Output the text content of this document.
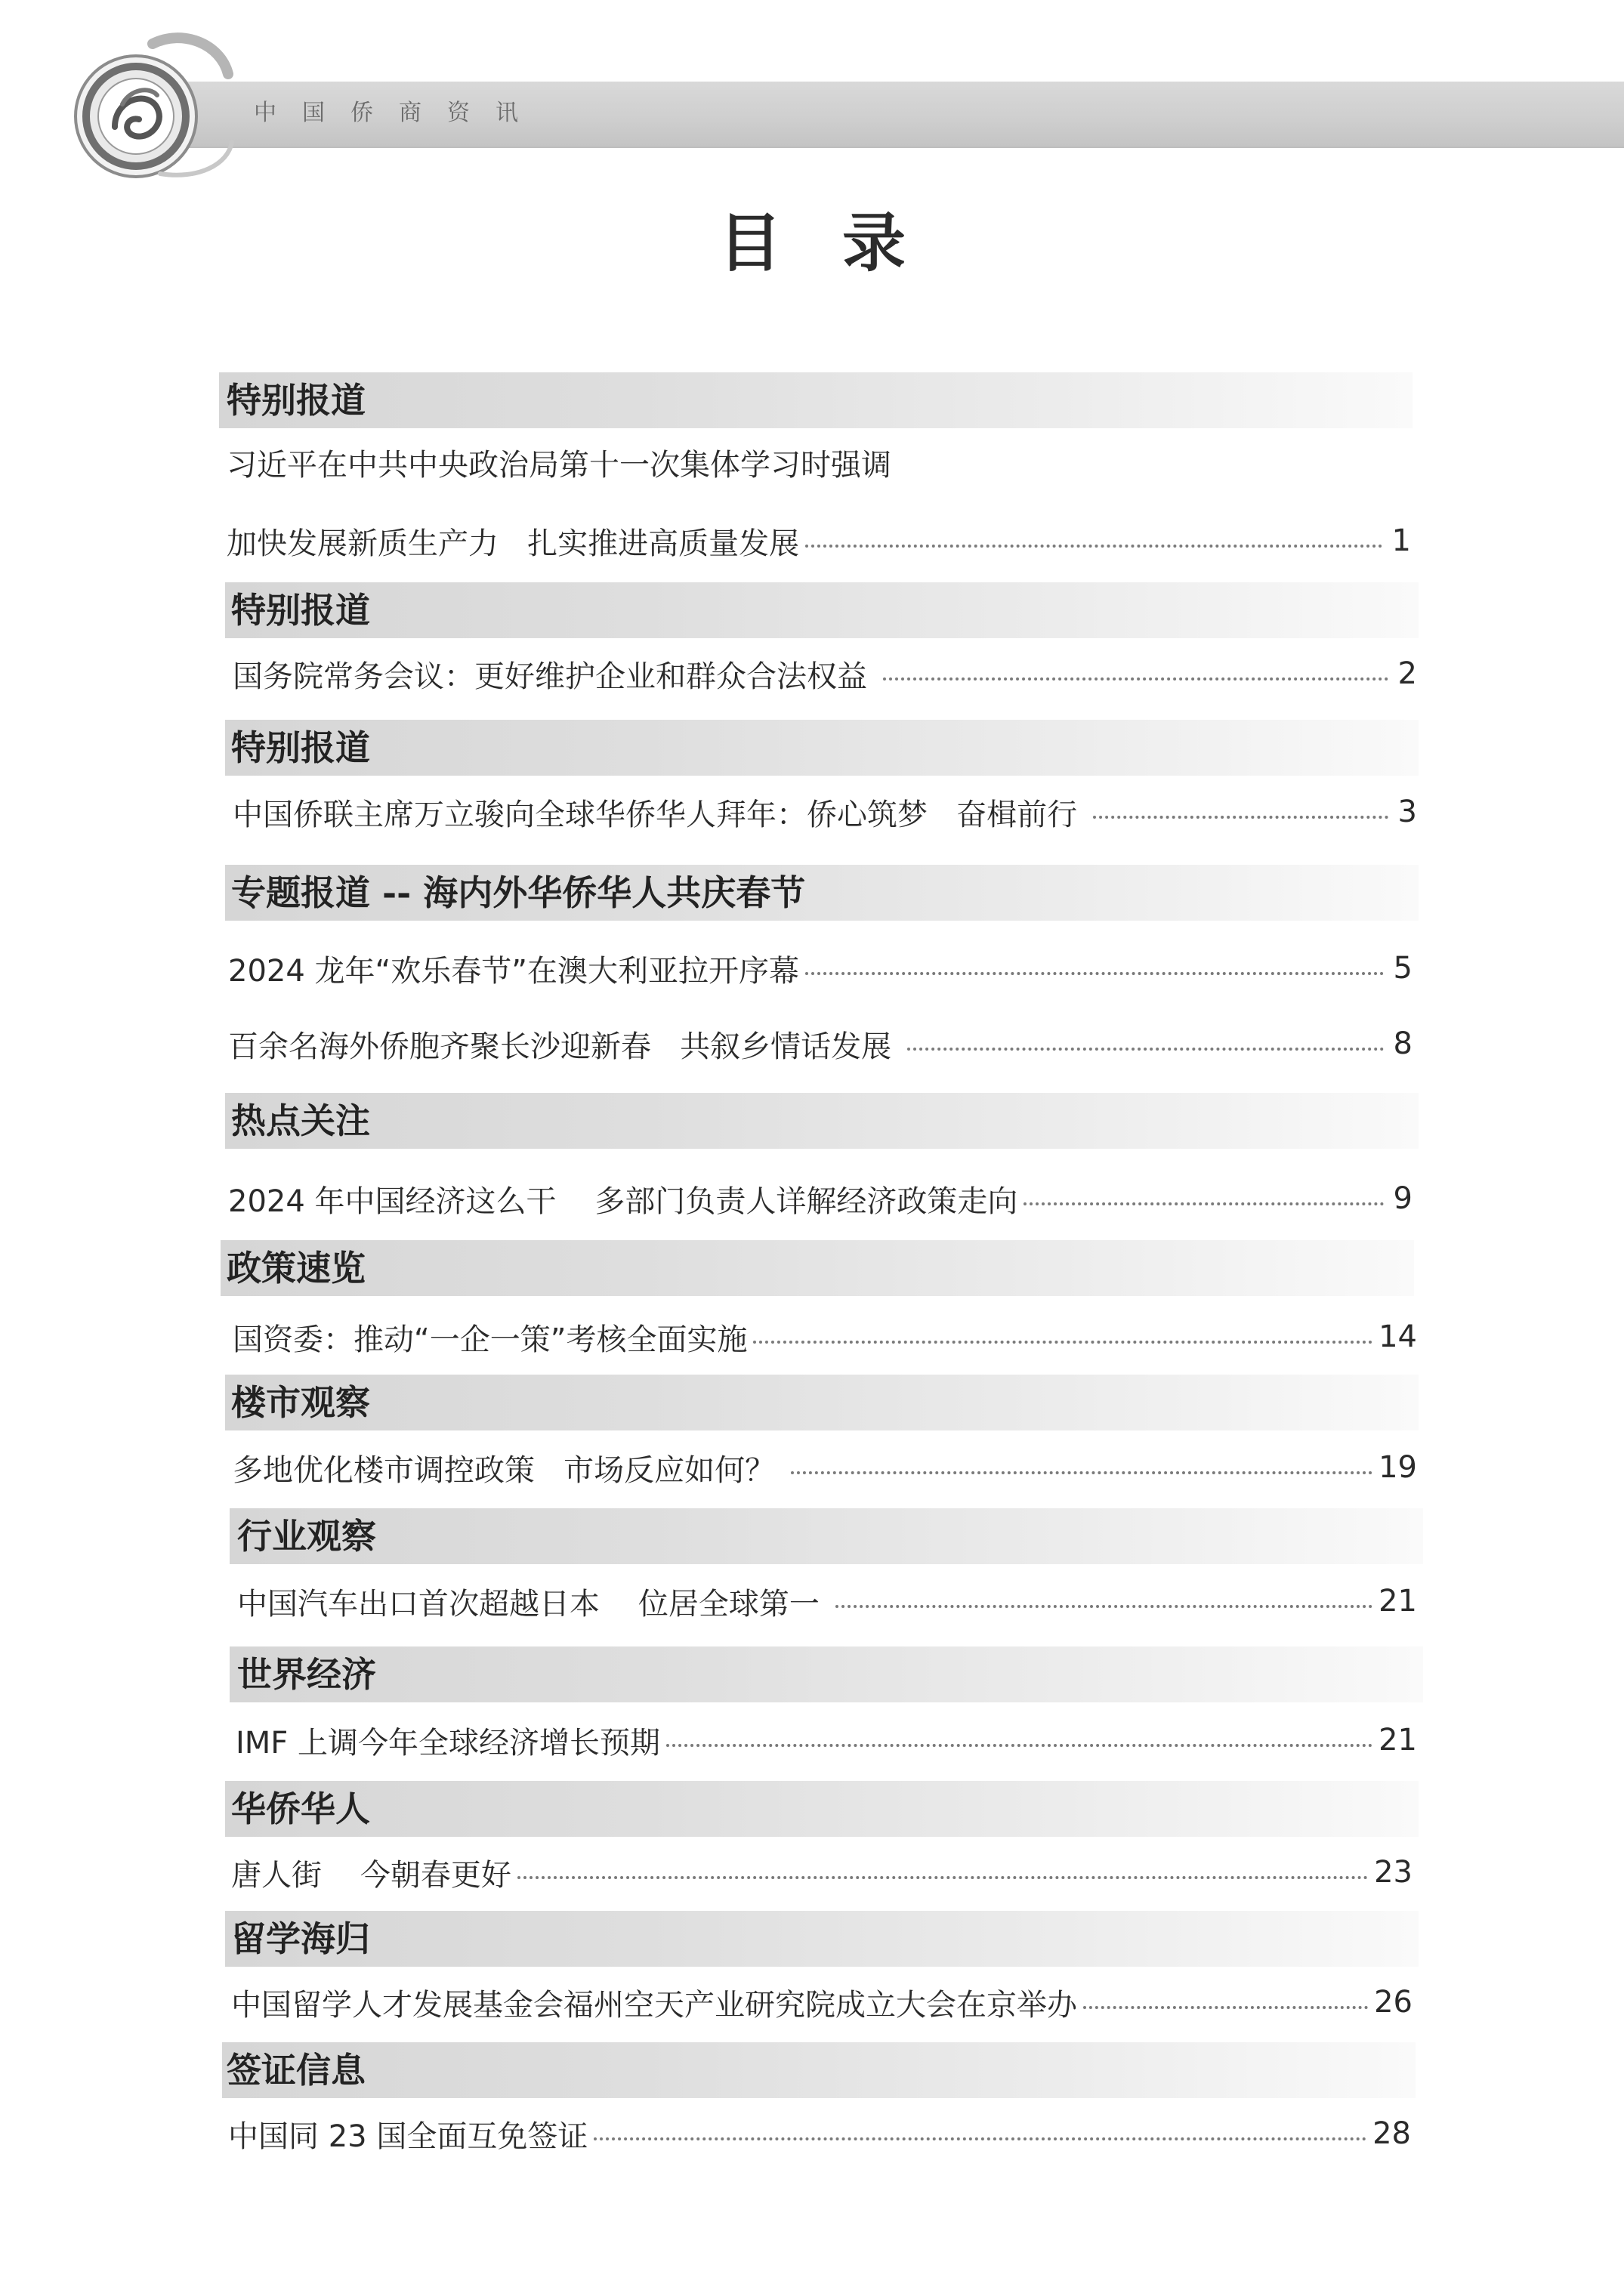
中国侨商资讯
目录
特别报道
习近平在中共中央政治局第十一次集体学习时强调
加快发展新质生产力   扎实推进高质量发展	1
特别报道
国务院常务会议：更好维护企业和群众合法权益	2
特别报道
中国侨联主席万立骏向全球华侨华人拜年：侨心筑梦   奋楫前行	3
专题报道 -- 海内外华侨华人共庆春节
2024 龙年“欢乐春节”在澳大利亚拉开序幕	5
百余名海外侨胞齐聚长沙迎新春   共叙乡情话发展	8
热点关注
2024 年中国经济这么干    多部门负责人详解经济政策走向	9
政策速览
国资委：推动“一企一策”考核全面实施	14
楼市观察
多地优化楼市调控政策   市场反应如何？	19
行业观察
中国汽车出口首次超越日本    位居全球第一	21
世界经济
IMF 上调今年全球经济增长预期	21
华侨华人
唐人街    今朝春更好	23
留学海归
中国留学人才发展基金会福州空天产业研究院成立大会在京举办	26
签证信息
中国同 23 国全面互免签证	28
